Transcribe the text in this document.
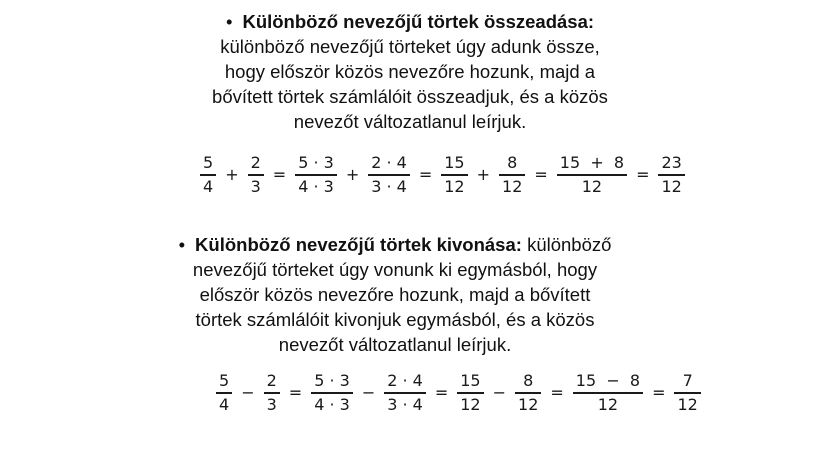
• Különböző nevezőjű törtek összeadása:
különböző nevezőjű törteket úgy adunk össze,
hogy először közös nevezőre hozunk, majd a
bővített törtek számlálóit összeadjuk, és a közös
nevezőt változatlanul leírjuk.
$\frac{5}{4} + \frac{2}{3} = \frac{5 \cdot 3}{4 \cdot 3} + \frac{2 \cdot 4}{3 \cdot 4} = \frac{15}{12} + \frac{8}{12} = \frac{15 + 8}{12} = \frac{23}{12}$
• Különböző nevezőjű törtek kivonása: különböző
nevezőjű törteket úgy vonunk ki egymásból, hogy
először közös nevezőre hozunk, majd a bővített
törtek számlálóit kivonjuk egymásból, és a közös
nevezőt változatlanul leírjuk.
$\frac{5}{4} - \frac{2}{3} = \frac{5 \cdot 3}{4 \cdot 3} - \frac{2 \cdot 4}{3 \cdot 4} = \frac{15}{12} - \frac{8}{12} = \frac{15 - 8}{12} = \frac{7}{12}$
